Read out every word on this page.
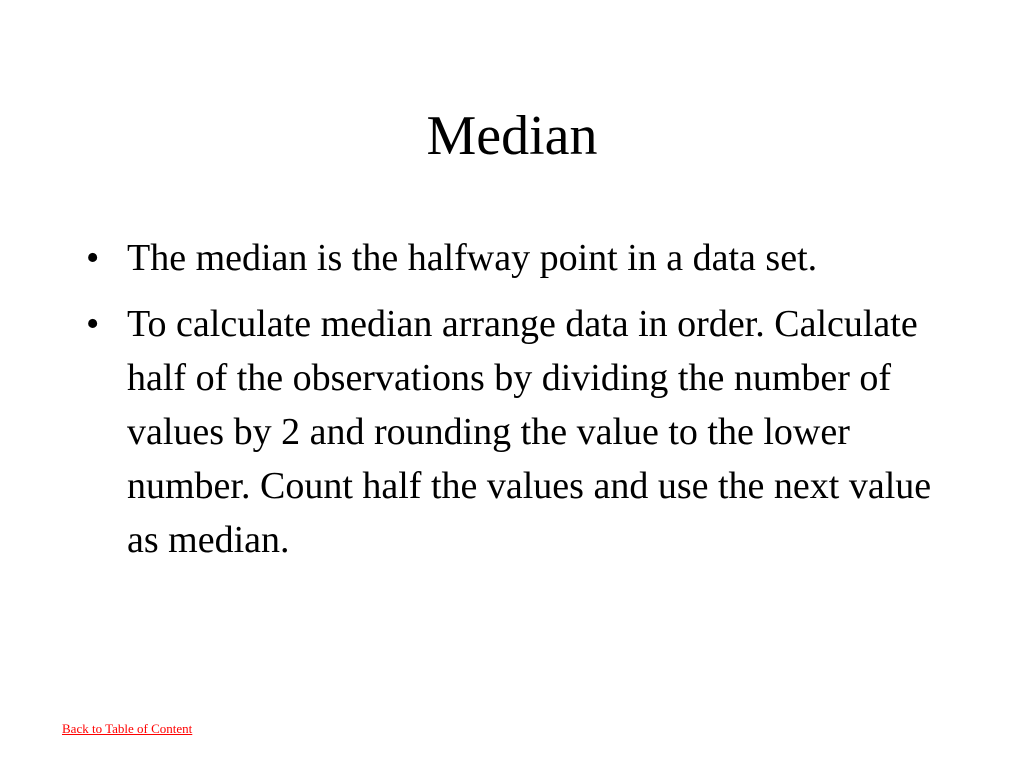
Median
• The median is the halfway point in a data set.
• To calculate median arrange data in order. Calculate half of the observations by dividing the number of values by 2 and rounding the value to the lower number. Count half the values and use the next value as median.
Back to Table of Content
